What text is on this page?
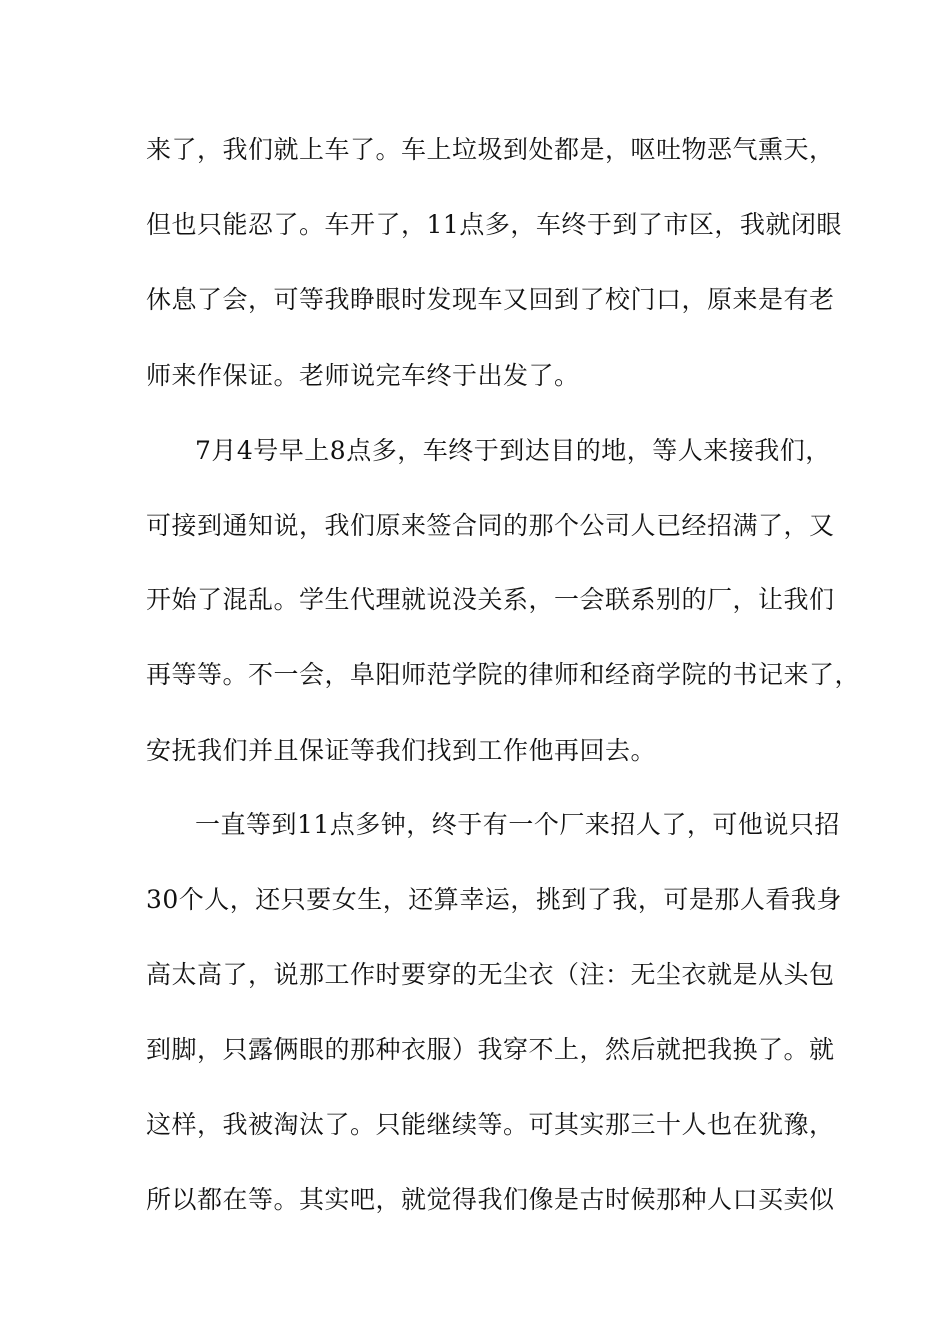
来了，我们就上车了。车上垃圾到处都是，呕吐物恶气熏天，
但也只能忍了。车开了，11点多，车终于到了市区，我就闭眼
休息了会，可等我睁眼时发现车又回到了校门口，原来是有老
师来作保证。老师说完车终于出发了。
7月4号早上8点多，车终于到达目的地，等人来接我们，
可接到通知说，我们原来签合同的那个公司人已经招满了，又
开始了混乱。学生代理就说没关系，一会联系别的厂，让我们
再等等。不一会，阜阳师范学院的律师和经商学院的书记来了，
安抚我们并且保证等我们找到工作他再回去。
一直等到11点多钟，终于有一个厂来招人了，可他说只招
30个人，还只要女生，还算幸运，挑到了我，可是那人看我身
高太高了，说那工作时要穿的无尘衣（注：无尘衣就是从头包
到脚，只露俩眼的那种衣服）我穿不上，然后就把我换了。就
这样，我被淘汰了。只能继续等。可其实那三十人也在犹豫，
所以都在等。其实吧，就觉得我们像是古时候那种人口买卖似
